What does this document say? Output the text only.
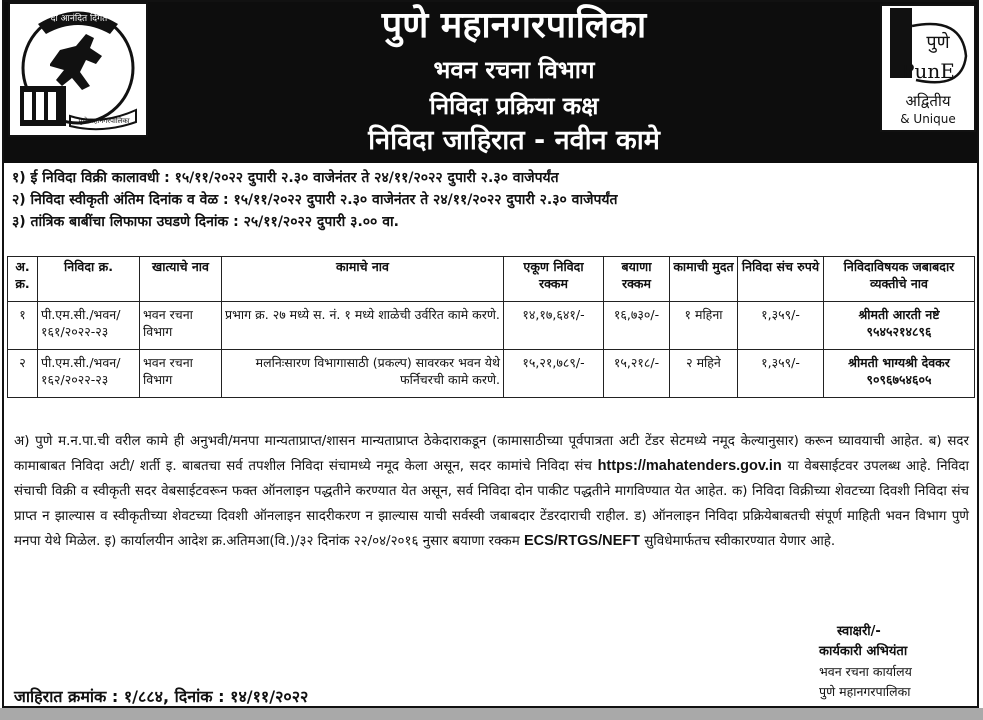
दा आनंदित दिगंत
पुणे महानगरपालिका
पुणे महानगरपालिका
भवन रचना विभाग
निविदा प्रक्रिया कक्ष
निविदा जाहिरात - नवीन कामे
पुणे
PunE
अद्वितीय
& Unique
१) ई निविदा विक्री कालावधी : १५/११/२०२२ दुपारी २.३० वाजेनंतर ते २४/११/२०२२ दुपारी २.३० वाजेपर्यंत
२) निविदा स्वीकृती अंतिम दिनांक व वेळ : १५/११/२०२२ दुपारी २.३० वाजेनंतर ते २४/११/२०२२ दुपारी २.३० वाजेपर्यंत
३) तांत्रिक बाबींचा लिफाफा उघडणे दिनांक : २५/११/२०२२ दुपारी ३.०० वा.
अ. क्र.	निविदा क्र.	खात्याचे नाव	कामाचे नाव	एकूण निविदा रक्कम	बयाणा रक्कम	कामाची मुदत	निविदा संच रुपये	निविदाविषयक जबाबदार व्यक्तीचे नाव
१	पी.एम.सी./भवन/ १६१/२०२२-२३	भवन रचना विभाग	प्रभाग क्र. २७ मध्ये स. नं. १ मध्ये शाळेची उर्वरित कामे करणे.	१४,१७,६४१/-	१६,७३०/-	१ महिना	१,३५९/-	श्रीमती आरती नष्टे
९५४५२१४८९६

२	पी.एम.सी./भवन/ १६२/२०२२-२३	भवन रचना विभाग	मलनिःसारण विभागासाठी (प्रकल्प) सावरकर भवन येथे फर्निचरची कामे करणे.	१५,२१,७८९/-	१५,२१८/-	२ महिने	१,३५९/-	श्रीमती भाग्यश्री देवकर
९०९६७५४६०५
अ) पुणे म.न.पा.ची वरील कामे ही अनुभवी/मनपा मान्यताप्राप्त/शासन मान्यताप्राप्त ठेकेदाराकडून (कामासाठीच्या पूर्वपात्रता अटी टेंडर सेटमध्ये नमूद केल्यानुसार) करून घ्यावयाची आहेत. ब) सदर कामाबाबत निविदा अटी/ शर्ती इ. बाबतचा सर्व तपशील निविदा संचामध्ये नमूद केला असून, सदर कामांचे निविदा संच https://mahatenders.gov.in या वेबसाईटवर उपलब्ध आहे. निविदा संचाची विक्री व स्वीकृती सदर वेबसाईटवरून फक्त ऑनलाइन पद्धतीने करण्यात येत असून, सर्व निविदा दोन पाकीट पद्धतीने मागविण्यात येत आहेत. क) निविदा विक्रीच्या शेवटच्या दिवशी निविदा संच प्राप्त न झाल्यास व स्वीकृतीच्या शेवटच्या दिवशी ऑनलाइन सादरीकरण न झाल्यास याची सर्वस्वी जबाबदार टेंडरदाराची राहील. ड) ऑनलाइन निविदा प्रक्रियेबाबतची संपूर्ण माहिती भवन विभाग पुणे मनपा येथे मिळेल. इ) कार्यालयीन आदेश क्र.अतिमआ(वि.)/३२ दिनांक २२/०४/२०१६ नुसार बयाणा रक्कम ECS/RTGS/NEFT सुविधेमार्फतच स्वीकारण्यात येणार आहे.
स्वाक्षरी/-
कार्यकारी अभियंता
भवन रचना कार्यालय
पुणे महानगरपालिका
जाहिरात क्रमांक : १/८८४, दिनांक : १४/११/२०२२
